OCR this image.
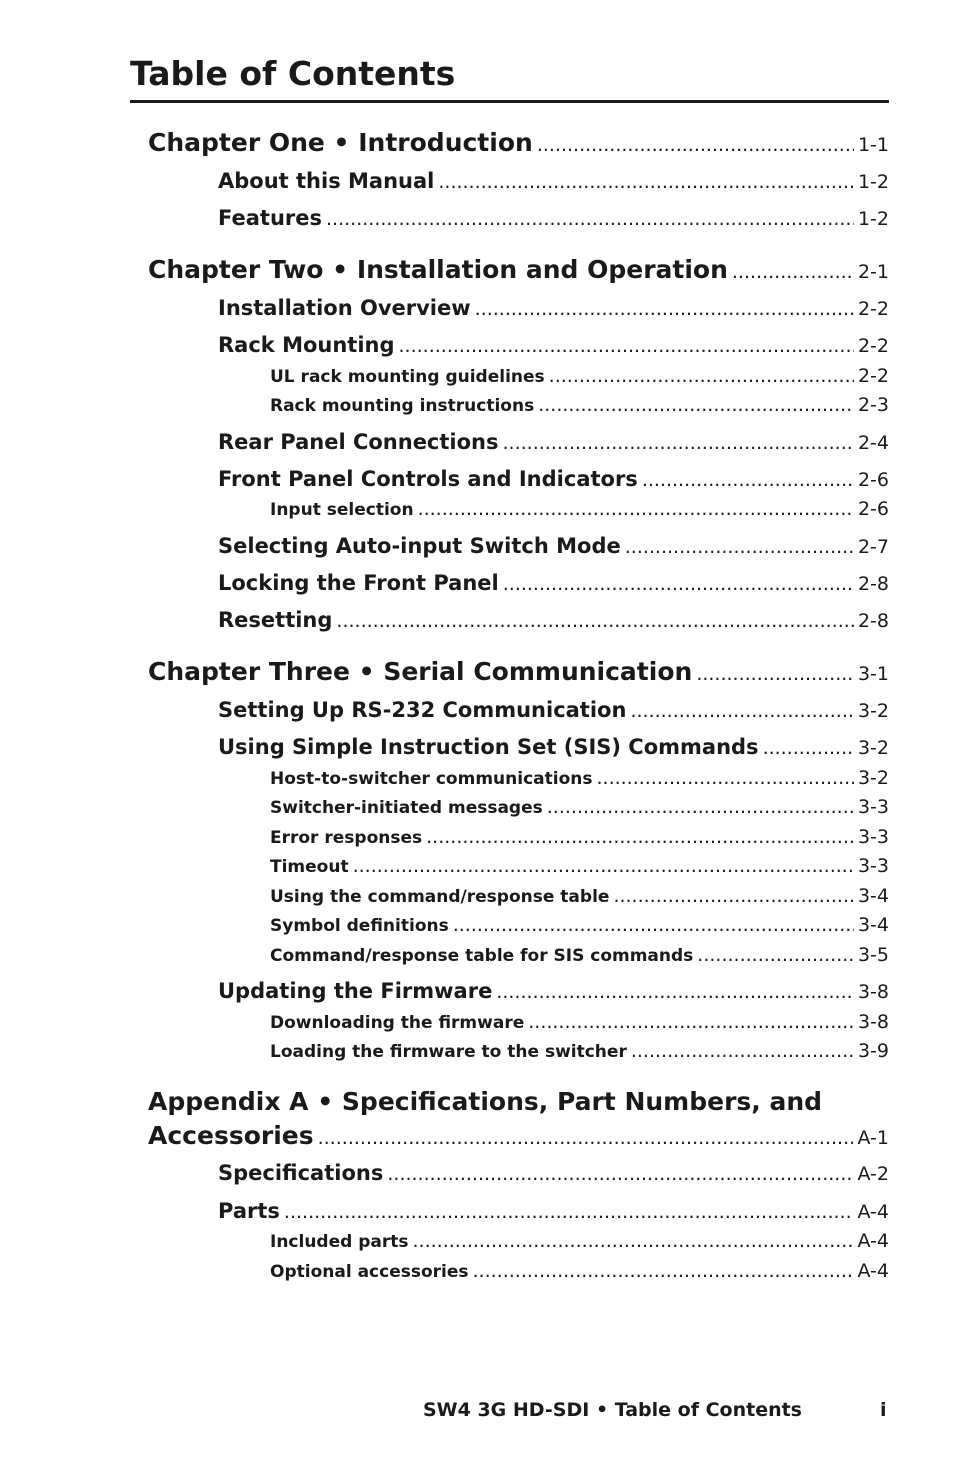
Table of Contents
Chapter One • Introduction .....	1-1
About this Manual .....	1-2
Features .....	1-2
Chapter Two • Installation and Operation .....	2-1
Installation Overview .....	2-2
Rack Mounting .....	2-2
UL rack mounting guidelines .....	2-2
Rack mounting instructions .....	2-3
Rear Panel Connections .....	2-4
Front Panel Controls and Indicators .....	2-6
Input selection .....	2-6
Selecting Auto-input Switch Mode .....	2-7
Locking the Front Panel .....	2-8
Resetting .....	2-8
Chapter Three • Serial Communication .....	3-1
Setting Up RS-232 Communication .....	3-2
Using Simple Instruction Set (SIS) Commands .....	3-2
Host-to-switcher communications .....	3-2
Switcher-initiated messages .....	3-3
Error responses .....	3-3
Timeout .....	3-3
Using the command/response table .....	3-4
Symbol definitions .....	3-4
Command/response table for SIS commands .....	3-5
Updating the Firmware .....	3-8
Downloading the firmware .....	3-8
Loading the firmware to the switcher .....	3-9
Appendix A • Specifications, Part Numbers, and
Accessories .....	A-1
Specifications .....	A-2
Parts .....	A-4
Included parts .....	A-4
Optional accessories .....	A-4
SW4 3G HD-SDI • Table of Contents	i
